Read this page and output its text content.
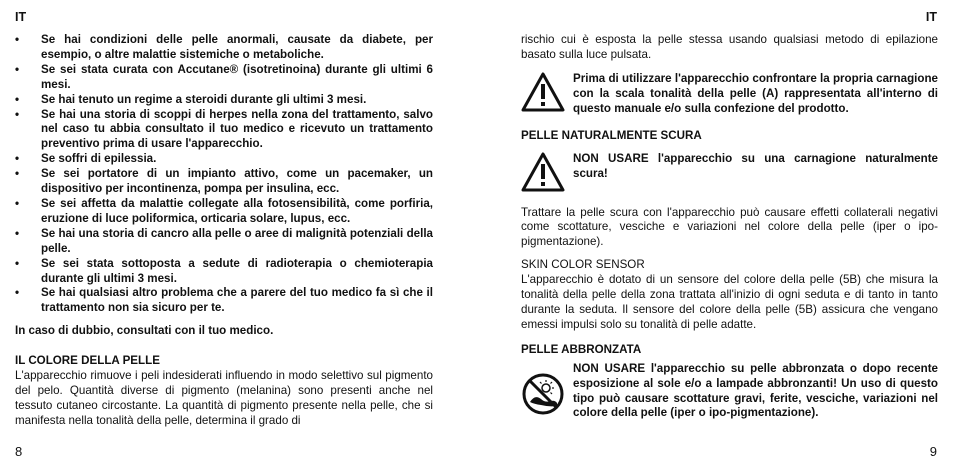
IT
• Se hai condizioni delle pelle anormali, causate da diabete, per esempio, o altre malattie sistemiche o metaboliche.
• Se sei stata curata con Accutane® (isotretinoina) durante gli ultimi 6 mesi.
• Se hai tenuto un regime a steroidi durante gli ultimi 3 mesi.
• Se hai una storia di scoppi di herpes nella zona del trattamento, salvo nel caso tu abbia consultato il tuo medico e ricevuto un trattamento preventivo prima di usare l'apparecchio.
• Se soffri di epilessia.
• Se sei portatore di un impianto attivo, come un pacemaker, un dispositivo per incontinenza, pompa per insulina, ecc.
• Se sei affetta da malattie collegate alla fotosensibilità, come porfiria, eruzione di luce poliformica, orticaria solare, lupus, ecc.
• Se hai una storia di cancro alla pelle o aree di malignità potenziali della pelle.
• Se sei stata sottoposta a sedute di radioterapia o chemioterapia durante gli ultimi 3 mesi.
• Se hai qualsiasi altro problema che a parere del tuo medico fa sì che il trattamento non sia sicuro per te.

In caso di dubbio, consultati con il tuo medico.

IL COLORE DELLA PELLE

L'apparecchio rimuove i peli indesiderati influendo in modo selettivo sul pigmento del pelo. Quantità diverse di pigmento (melanina) sono presenti anche nel tessuto cutaneo circostante. La quantità di pigmento presente nella pelle, che si manifesta nella tonalità della pelle, determina il grado di

8
IT

rischio cui è esposta la pelle stessa usando qualsiasi metodo di epilazione basato sulla luce pulsata.

Prima di utilizzare l'apparecchio confrontare la propria carnagione con la scala tonalità della pelle (A) rappresentata all'interno di questo manuale e/o sulla confezione del prodotto.

PELLE NATURALMENTE SCURA

NON USARE l'apparecchio su una carnagione naturalmente scura!

Trattare la pelle scura con l'apparecchio può causare effetti collaterali negativi come scottature, vesciche e variazioni nel colore della pelle (iper o ipo-pigmentazione).

SKIN COLOR SENSOR

L'apparecchio è dotato di un sensore del colore della pelle (5B) che misura la tonalità della pelle della zona trattata all'inizio di ogni seduta e di tanto in tanto durante la seduta. Il sensore del colore della pelle (5B) assicura che vengano emessi impulsi solo su tonalità di pelle adatte.

PELLE ABBRONZATA

NON USARE l'apparecchio su pelle abbronzata o dopo recente esposizione al sole e/o a lampade abbronzanti! Un uso di questo tipo può causare scottature gravi, ferite, vesciche, variazioni nel colore della pelle (iper o ipo-pigmentazione).
9
